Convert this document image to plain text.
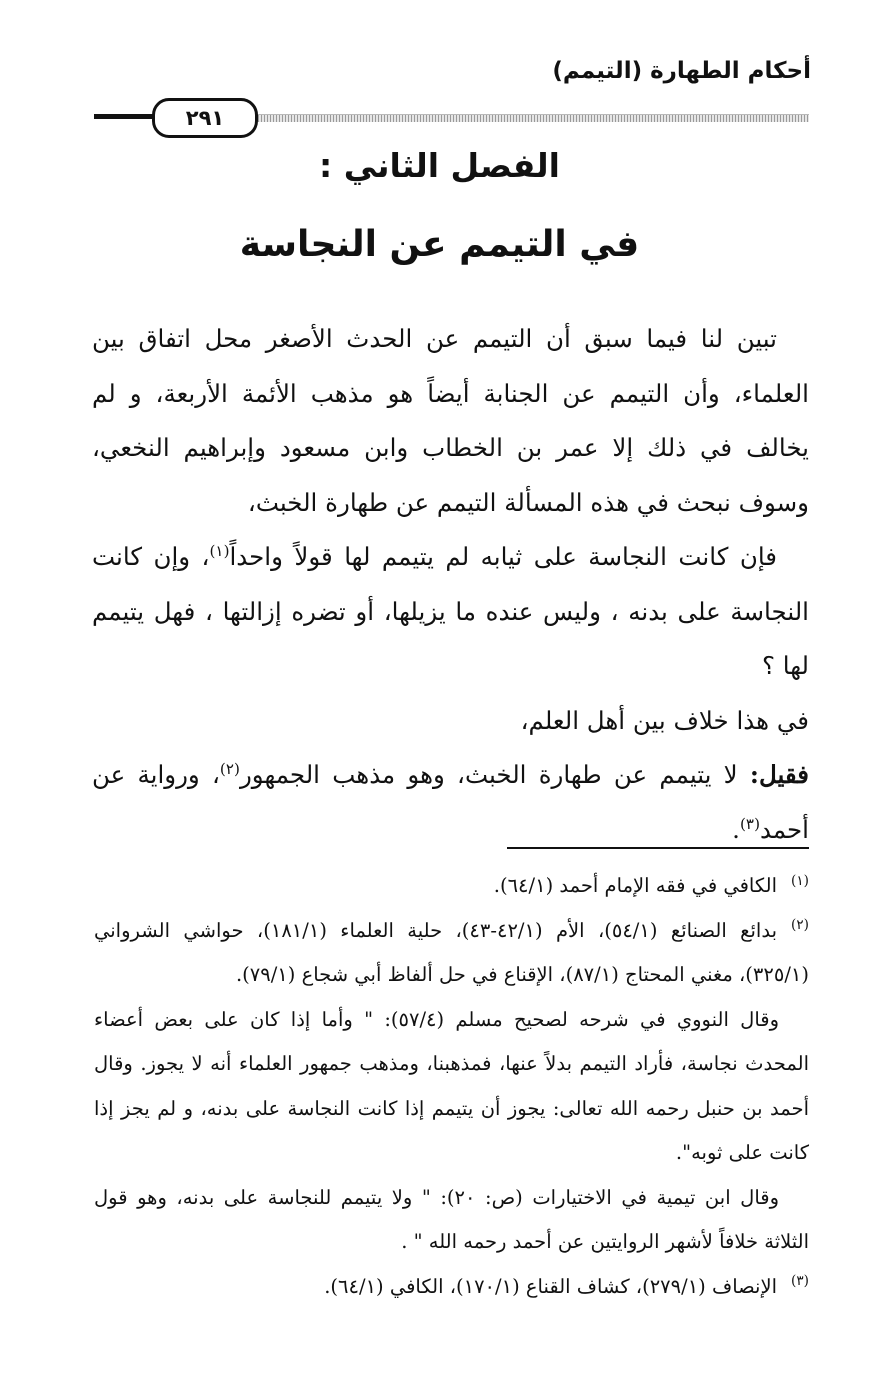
أحكام الطهارة (التيمم)
٢٩١
الفصل الثاني :
في التيمم عن النجاسة

تبين لنا فيما سبق أن التيمم عن الحدث الأصغر محل اتفاق بين العلماء، وأن التيمم عن الجنابة أيضاً هو مذهب الأئمة الأربعة، و لم يخالف في ذلك إلا عمر بن الخطاب وابن مسعود وإبراهيم النخعي، وسوف نبحث في هذه المسألة التيمم عن طهارة الخبث،

فإن كانت النجاسة على ثيابه لم يتيمم لها قولاً واحداً$^{(١)}$، وإن كانت النجاسة على بدنه ، وليس عنده ما يزيلها، أو تضره إزالتها ، فهل يتيمم لها ؟

في هذا خلاف بين أهل العلم،

فقيل: لا يتيمم عن طهارة الخبث، وهو مذهب الجمهور$^{(٢)}$، ورواية عن أحمد$^{(٣)}$.

$^{(١)}$الكافي في فقه الإمام أحمد (٦٤/١).

$^{(٢)}$بدائع الصنائع (٥٤/١)، الأم (٤٢/١-٤٣)، حلية العلماء (١٨١/١)، حواشي الشرواني (٣٢٥/١)، مغني المحتاج (٨٧/١)، الإقناع في حل ألفاظ أبي شجاع (٧٩/١).

وقال النووي في شرحه لصحيح مسلم (٥٧/٤): " وأما إذا كان على بعض أعضاء المحدث نجاسة، فأراد التيمم بدلاً عنها، فمذهبنا، ومذهب جمهور العلماء أنه لا يجوز. وقال أحمد بن حنبل رحمه الله تعالى: يجوز أن يتيمم إذا كانت النجاسة على بدنه، و لم يجز إذا كانت على ثوبه".

وقال ابن تيمية في الاختيارات (ص: ٢٠): " ولا يتيمم للنجاسة على بدنه، وهو قول الثلاثة خلافاً لأشهر الروايتين عن أحمد رحمه الله " .

$^{(٣)}$الإنصاف (٢٧٩/١)، كشاف القناع (١٧٠/١)، الكافي (٦٤/١).
